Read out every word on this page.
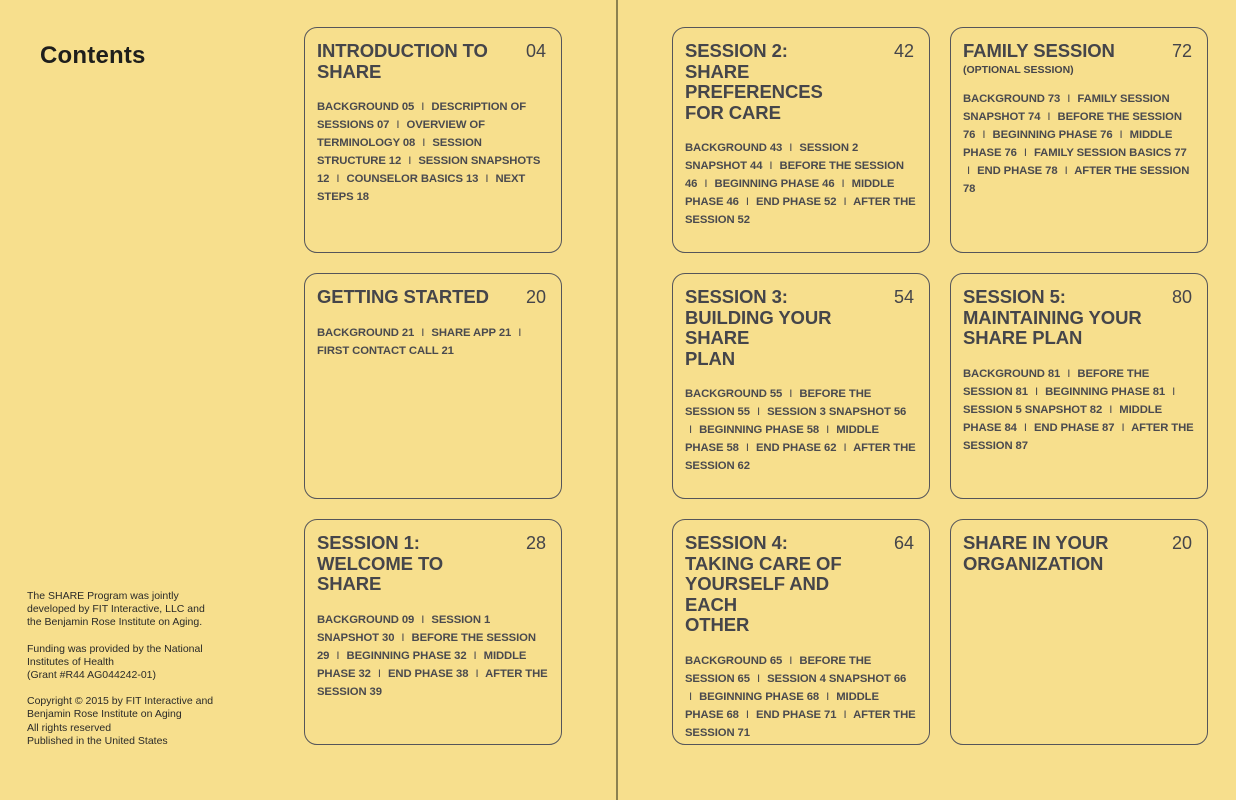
Contents

The SHARE Program was jointly
developed by FIT Interactive, LLC and
the Benjamin Rose Institute on Aging.

Funding was provided by the National
Institutes of Health
(Grant #R44 AG044242-01)

Copyright © 2015 by FIT Interactive and
Benjamin Rose Institute on Aging
All rights reserved
Published in the United States

INTRODUCTION TO
SHARE
04
BACKGROUND 05 I DESCRIPTION OF SESSIONS 07 I OVERVIEW OF TERMINOLOGY 08 I SESSION STRUCTURE 12 I SESSION SNAPSHOTS 12 I COUNSELOR BASICS 13 I NEXT STEPS 18
GETTING STARTED	20
BACKGROUND 21 I SHARE APP 21 I FIRST CONTACT CALL 21
SESSION 1:
WELCOME TO SHARE
28
BACKGROUND 09 I SESSION 1 SNAPSHOT 30 I BEFORE THE SESSION 29 I BEGINNING PHASE 32 I MIDDLE PHASE 32 I END PHASE 38 I AFTER THE SESSION 39
SESSION 2:
SHARE PREFERENCES
FOR CARE
42
BACKGROUND 43 I SESSION 2 SNAPSHOT 44 I BEFORE THE SESSION 46 I BEGINNING PHASE 46 I MIDDLE PHASE 46 I END PHASE 52 I AFTER THE SESSION 52
SESSION 3:
BUILDING YOUR SHARE
PLAN
54
BACKGROUND 55 I BEFORE THE SESSION 55 I SESSION 3 SNAPSHOT 56 I BEGINNING PHASE 58 I MIDDLE PHASE 58 I END PHASE 62 I AFTER THE SESSION 62
SESSION 4:
TAKING CARE OF
YOURSELF AND EACH
OTHER
64
BACKGROUND 65 I BEFORE THE SESSION 65 I SESSION 4 SNAPSHOT 66 I BEGINNING PHASE 68 I MIDDLE PHASE 68 I END PHASE 71 I AFTER THE SESSION 71
FAMILY SESSION
(OPTIONAL SESSION)
72
BACKGROUND 73 I FAMILY SESSION SNAPSHOT 74 I BEFORE THE SESSION 76 I BEGINNING PHASE 76 I MIDDLE PHASE 76 I FAMILY SESSION BASICS 77 I END PHASE 78 I AFTER THE SESSION 78
SESSION 5:
MAINTAINING YOUR
SHARE PLAN
80
BACKGROUND 81 I BEFORE THE SESSION 81 I BEGINNING PHASE 81 I SESSION 5 SNAPSHOT 82 I MIDDLE PHASE 84 I END PHASE 87 I AFTER THE SESSION 87
SHARE IN YOUR
ORGANIZATION
20
